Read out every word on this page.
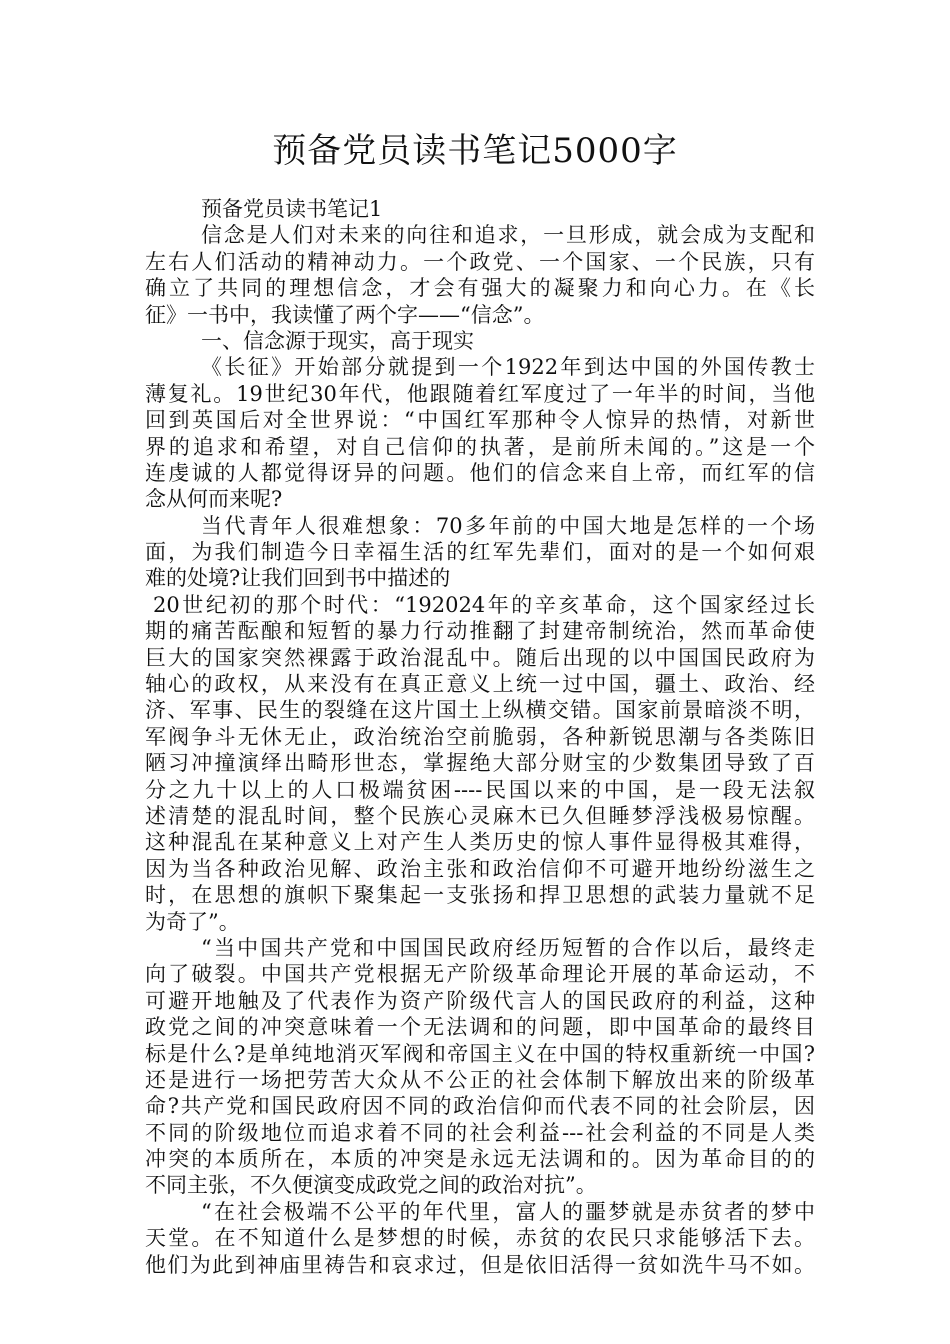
预备党员读书笔记5000字
预备党员读书笔记1
信念是人们对未来的向往和追求，一旦形成，就会成为支配和
左右人们活动的精神动力。一个政党、一个国家、一个民族，只有
确立了共同的理想信念，才会有强大的凝聚力和向心力。在《长
征》一书中，我读懂了两个字——“信念”。
一、信念源于现实，高于现实
《长征》开始部分就提到一个1922年到达中国的外国传教士
薄复礼。19世纪30年代，他跟随着红军度过了一年半的时间，当他
回到英国后对全世界说：“中国红军那种令人惊异的热情，对新世
界的追求和希望，对自己信仰的执著，是前所未闻的。”这是一个
连虔诚的人都觉得讶异的问题。他们的信念来自上帝，而红军的信
念从何而来呢?
当代青年人很难想象：70多年前的中国大地是怎样的一个场
面，为我们制造今日幸福生活的红军先辈们，面对的是一个如何艰
难的处境?让我们回到书中描述的
20世纪初的那个时代：“192024年的辛亥革命，这个国家经过长
期的痛苦酝酿和短暂的暴力行动推翻了封建帝制统治，然而革命使
巨大的国家突然裸露于政治混乱中。随后出现的以中国国民政府为
轴心的政权，从来没有在真正意义上统一过中国，疆土、政治、经
济、军事、民生的裂缝在这片国土上纵横交错。国家前景暗淡不明，
军阀争斗无休无止，政治统治空前脆弱，各种新锐思潮与各类陈旧
陋习冲撞演绎出畸形世态，掌握绝大部分财宝的少数集团导致了百
分之九十以上的人口极端贫困----民国以来的中国，是一段无法叙
述清楚的混乱时间，整个民族心灵麻木已久但睡梦浮浅极易惊醒。
这种混乱在某种意义上对产生人类历史的惊人事件显得极其难得，
因为当各种政治见解、政治主张和政治信仰不可避开地纷纷滋生之
时，在思想的旗帜下聚集起一支张扬和捍卫思想的武装力量就不足
为奇了”。
“当中国共产党和中国国民政府经历短暂的合作以后，最终走
向了破裂。中国共产党根据无产阶级革命理论开展的革命运动，不
可避开地触及了代表作为资产阶级代言人的国民政府的利益，这种
政党之间的冲突意味着一个无法调和的问题，即中国革命的最终目
标是什么?是单纯地消灭军阀和帝国主义在中国的特权重新统一中国?
还是进行一场把劳苦大众从不公正的社会体制下解放出来的阶级革
命?共产党和国民政府因不同的政治信仰而代表不同的社会阶层，因
不同的阶级地位而追求着不同的社会利益---社会利益的不同是人类
冲突的本质所在，本质的冲突是永远无法调和的。因为革命目的的
不同主张，不久便演变成政党之间的政治对抗”。
“在社会极端不公平的年代里，富人的噩梦就是赤贫者的梦中
天堂。在不知道什么是梦想的时候，赤贫的农民只求能够活下去。
他们为此到神庙里祷告和哀求过，但是依旧活得一贫如洗牛马不如。
